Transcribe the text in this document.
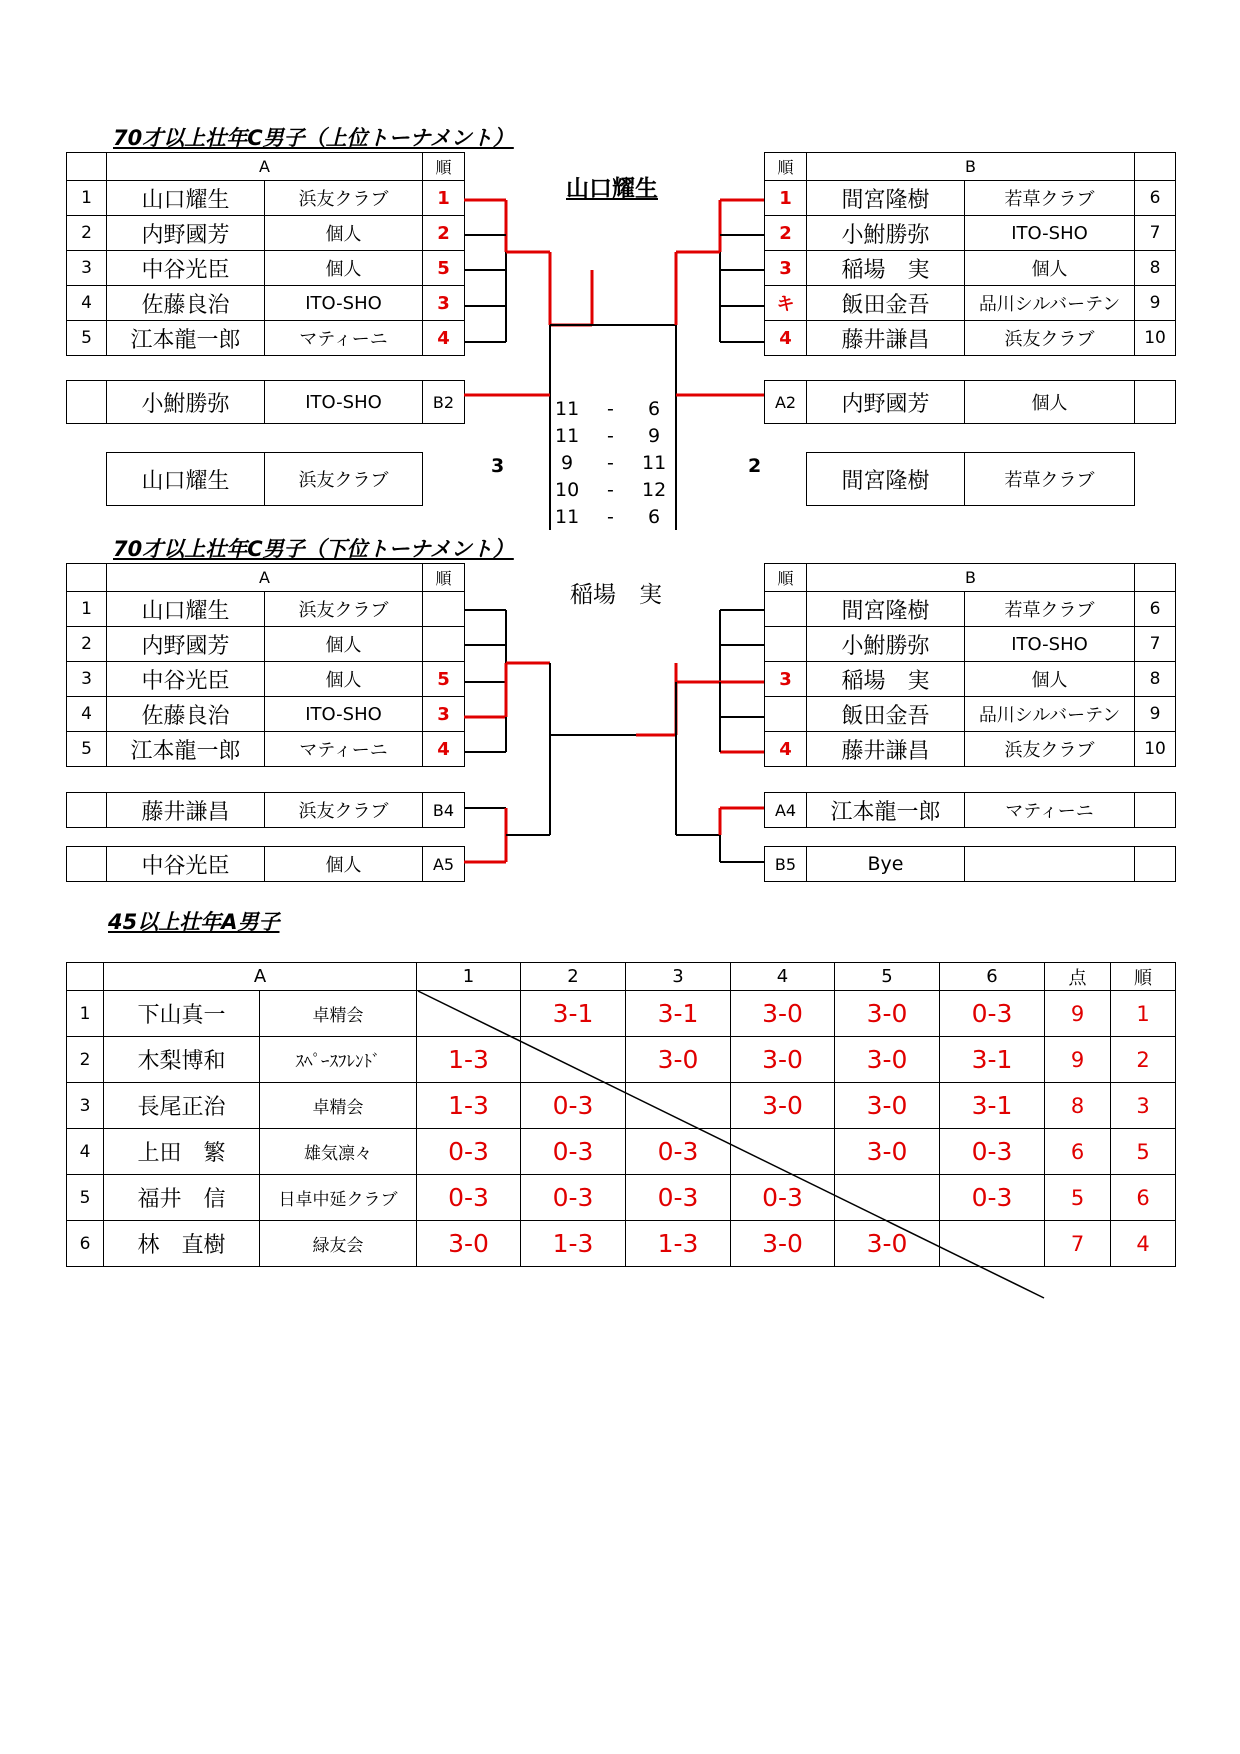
70才以上壮年C男子（上位トーナメント）
	A		順
1	山口耀生	浜友クラブ	1
2	内野國芳	個人	2
3	中谷光臣	個人	5
4	佐藤良治	ITO-SHO	3
5	江本龍一郎	マティーニ	4
	小鮒勝弥	ITO-SHO	B2
山口耀生	浜友クラブ
順	B		
1	間宮隆樹	若草クラブ	6
2	小鮒勝弥	ITO-SHO	7
3	稲場　実	個人	8
キ	飯田金吾	品川シルバーテン	9
4	藤井謙昌	浜友クラブ	10
A2	内野國芳	個人	
間宮隆樹	若草クラブ
山口耀生
3	2
11 - 6
11 - 9
9 - 11
10 - 12
11 - 6
70才以上壮年C男子（下位トーナメント）
	A		順
1	山口耀生	浜友クラブ	
2	内野國芳	個人	
3	中谷光臣	個人	5
4	佐藤良治	ITO-SHO	3
5	江本龍一郎	マティーニ	4
	藤井謙昌	浜友クラブ	B4
	中谷光臣	個人	A5
順	B		
	間宮隆樹	若草クラブ	6
	小鮒勝弥	ITO-SHO	7
3	稲場　実	個人	8
	飯田金吾	品川シルバーテン	9
4	藤井謙昌	浜友クラブ	10
A4	江本龍一郎	マティーニ	
B5	Bye		
稲場　実
45以上壮年A男子
	A		1	2	3	4	5	6	点	順
1	下山真一	卓精会		3-1	3-1	3-0	3-0	0-3	9	1
2	木梨博和	ｽﾍﾟｰｽﾌﾚﾝﾄﾞ	1-3		3-0	3-0	3-0	3-1	9	2
3	長尾正治	卓精会	1-3	0-3		3-0	3-0	3-1	8	3
4	上田　繁	雄気凛々	0-3	0-3	0-3		3-0	0-3	6	5
5	福井　信	日卓中延クラブ	0-3	0-3	0-3	0-3		0-3	5	6
6	林　直樹	緑友会	3-0	1-3	1-3	3-0	3-0		7	4
